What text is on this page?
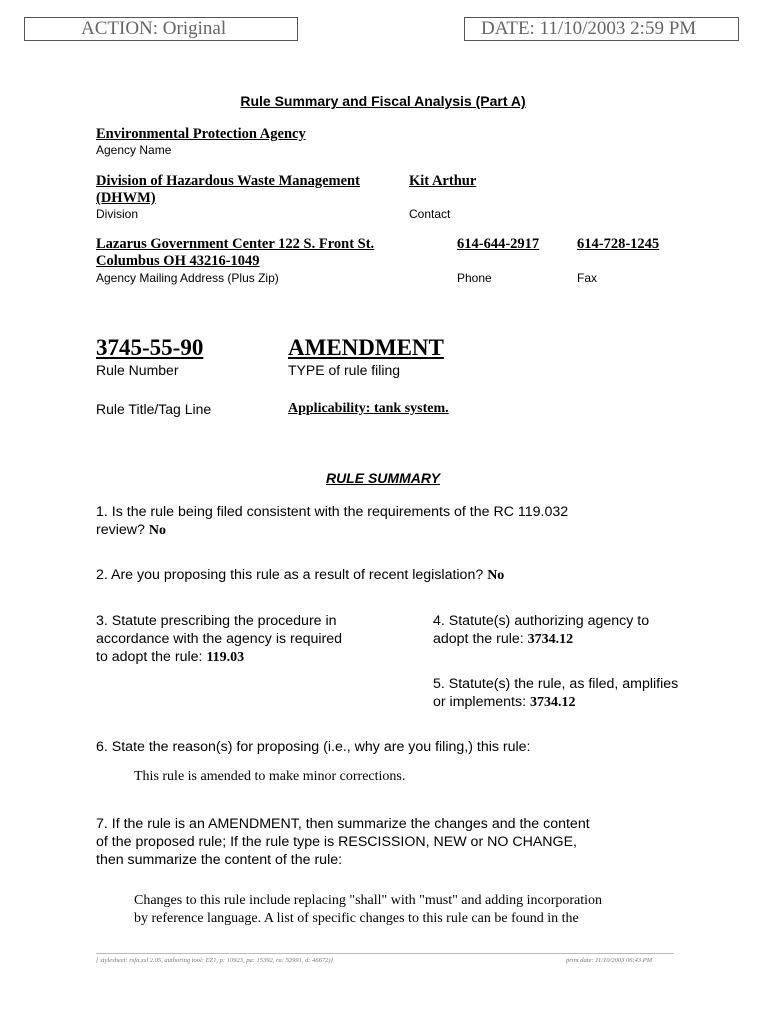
ACTION: Original	DATE: 11/10/2003 2:59 PM
Rule Summary and Fiscal Analysis (Part A)
Environmental Protection Agency
Agency Name
Division of Hazardous Waste Management
(DHWM)
Division
Kit Arthur
Contact
Lazarus Government Center 122 S. Front St.
Columbus OH 43216-1049
Agency Mailing Address (Plus Zip)
614-644-2917
Phone
614-728-1245
Fax
3745-55-90
Rule Number
AMENDMENT
TYPE of rule filing
Rule Title/Tag Line	Applicability: tank system.
RULE SUMMARY
1. Is the rule being filed consistent with the requirements of the RC 119.032
review? No
2. Are you proposing this rule as a result of recent legislation? No
3. Statute prescribing the procedure in
accordance with the agency is required
to adopt the rule: 119.03
4. Statute(s) authorizing agency to
adopt the rule: 3734.12
5. Statute(s) the rule, as filed, amplifies
or implements: 3734.12
6. State the reason(s) for proposing (i.e., why are you filing,) this rule:
This rule is amended to make minor corrections.
7. If the rule is an AMENDMENT, then summarize the changes and the content
of the proposed rule; If the rule type is RESCISSION, NEW or NO CHANGE,
then summarize the content of the rule:
Changes to this rule include replacing "shall" with "must" and adding incorporation
by reference language. A list of specific changes to this rule can be found in the
[ stylesheet: rsfa.xsl 2.05, authoring tool: EZ1, p: 10923, pa: 15392, ra: 52991, d: 46672)]	print date: 11/10/2003 06:43 PM
